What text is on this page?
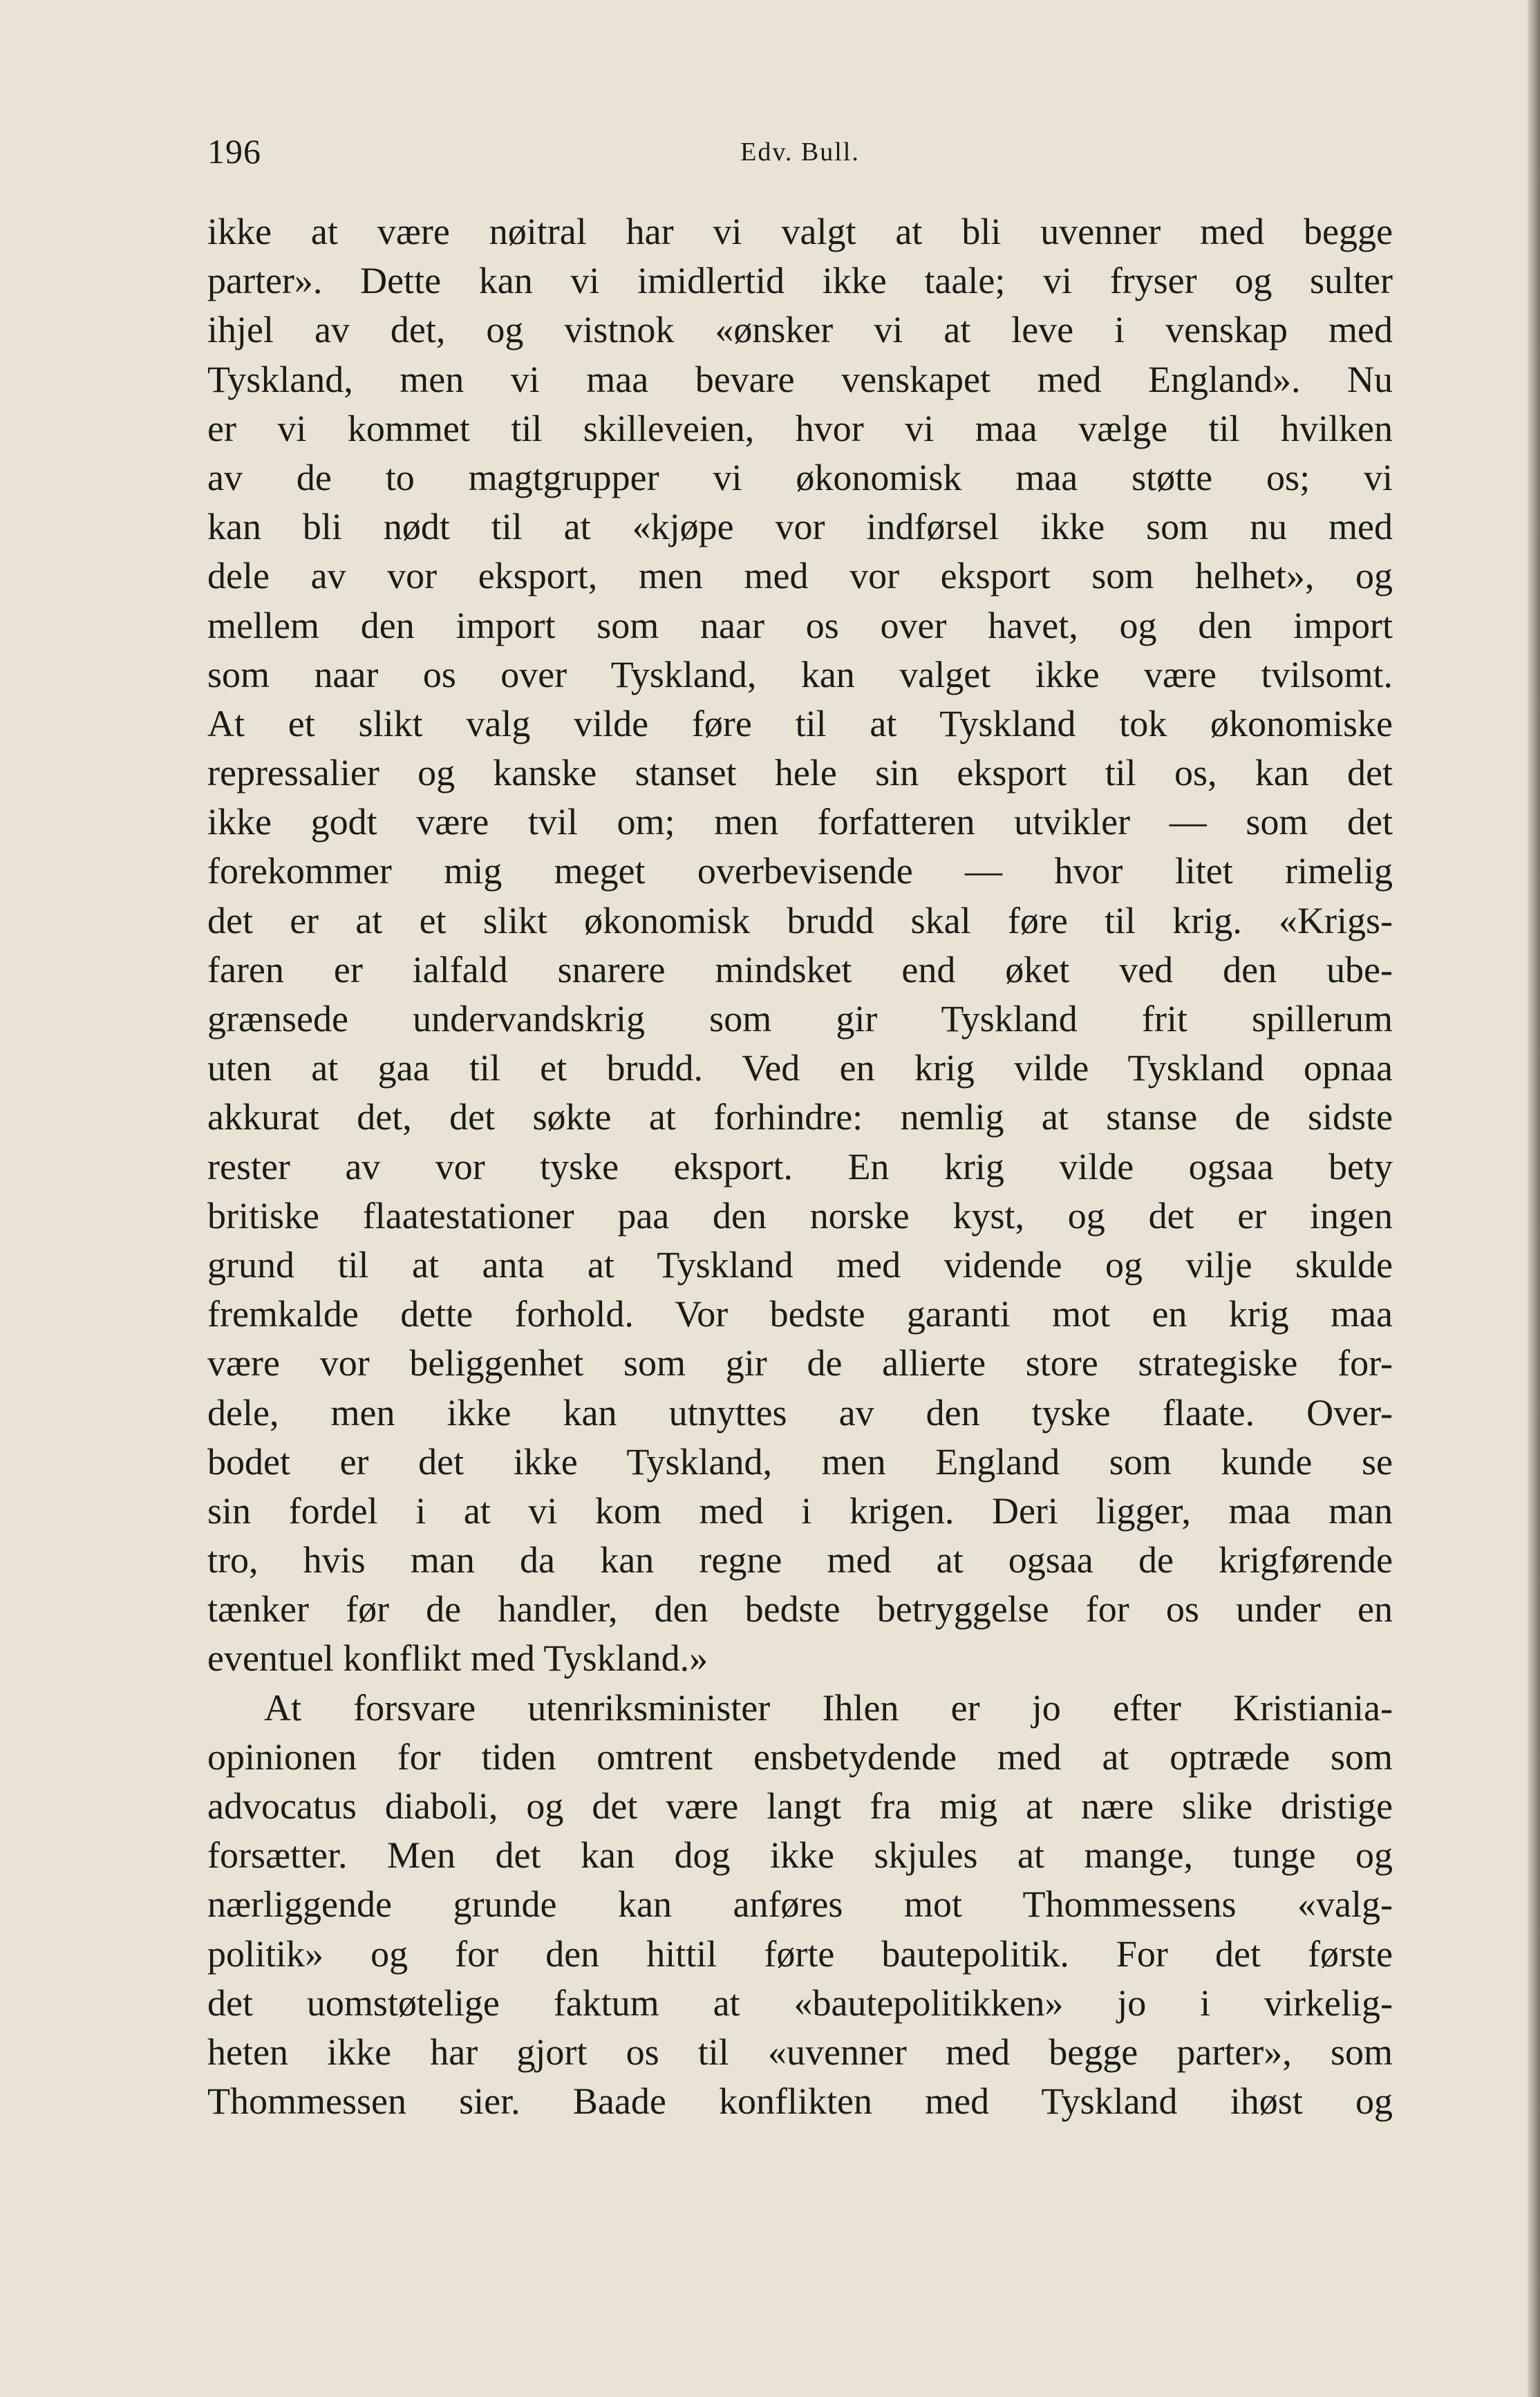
196	Edv. Bull.
ikke at være nøitral har vi valgt at bli uvenner med begge
parter». Dette kan vi imidlertid ikke taale; vi fryser og sulter
ihjel av det, og vistnok «ønsker vi at leve i venskap med
Tyskland, men vi maa bevare venskapet med England». Nu
er vi kommet til skilleveien, hvor vi maa vælge til hvilken
av de to magtgrupper vi økonomisk maa støtte os; vi
kan bli nødt til at «kjøpe vor indførsel ikke som nu med
dele av vor eksport, men med vor eksport som helhet», og
mellem den import som naar os over havet, og den import
som naar os over Tyskland, kan valget ikke være tvilsomt.
At et slikt valg vilde føre til at Tyskland tok økonomiske
repressalier og kanske stanset hele sin eksport til os, kan det
ikke godt være tvil om; men forfatteren utvikler — som det
forekommer mig meget overbevisende — hvor litet rimelig
det er at et slikt økonomisk brudd skal føre til krig. «Krigs-
faren er ialfald snarere mindsket end øket ved den ube-
grænsede undervandskrig som gir Tyskland frit spillerum
uten at gaa til et brudd. Ved en krig vilde Tyskland opnaa
akkurat det, det søkte at forhindre: nemlig at stanse de sidste
rester av vor tyske eksport. En krig vilde ogsaa bety
britiske flaatestationer paa den norske kyst, og det er ingen
grund til at anta at Tyskland med vidende og vilje skulde
fremkalde dette forhold. Vor bedste garanti mot en krig maa
være vor beliggenhet som gir de allierte store strategiske for-
dele, men ikke kan utnyttes av den tyske flaate. Over-
bodet er det ikke Tyskland, men England som kunde se
sin fordel i at vi kom med i krigen. Deri ligger, maa man
tro, hvis man da kan regne med at ogsaa de krigførende
tænker før de handler, den bedste betryggelse for os under en
eventuel konflikt med Tyskland.»
At forsvare utenriksminister Ihlen er jo efter Kristiania-
opinionen for tiden omtrent ensbetydende med at optræde som
advocatus diaboli, og det være langt fra mig at nære slike dristige
forsætter. Men det kan dog ikke skjules at mange, tunge og
nærliggende grunde kan anføres mot Thommessens «valg-
politik» og for den hittil førte bautepolitik. For det første
det uomstøtelige faktum at «bautepolitikken» jo i virkelig-
heten ikke har gjort os til «uvenner med begge parter», som
Thommessen sier. Baade konflikten med Tyskland ihøst og
